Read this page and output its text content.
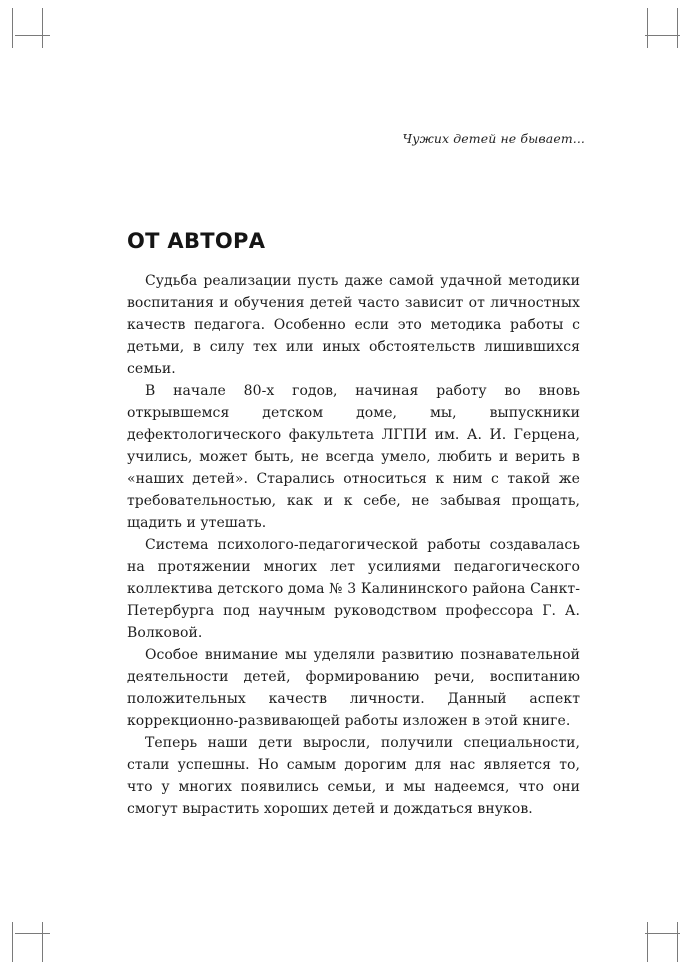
Чужих детей не бывает...
ОТ АВТОРА

Судьба реализации пусть даже самой удачной методики воспитания и обучения детей часто зависит от личностных качеств педагога. Особенно если это методика работы с детьми, в силу тех или иных обстоятельств лишившихся семьи.

В начале 80-х годов, начиная работу во вновь открывшемся детском доме, мы, выпускники дефектологического факультета ЛГПИ им. А. И. Герцена, учились, может быть, не всегда умело, любить и верить в «наших детей». Старались относиться к ним с такой же требовательностью, как и к себе, не забывая прощать, щадить и утешать.

Система психолого-педагогической работы создавалась на протяжении многих лет усилиями педагогического коллектива детского дома № 3 Калининского района Санкт-Петербурга под научным руководством профессора Г. А. Волковой.

Особое внимание мы уделяли развитию познавательной деятельности детей, формированию речи, воспитанию положительных качеств личности. Данный аспект коррекционно-развивающей работы изложен в этой книге.

Теперь наши дети выросли, получили специальности, стали успешны. Но самым дорогим для нас является то, что у многих появились семьи, и мы надеемся, что они смогут вырастить хороших детей и дождаться внуков.
